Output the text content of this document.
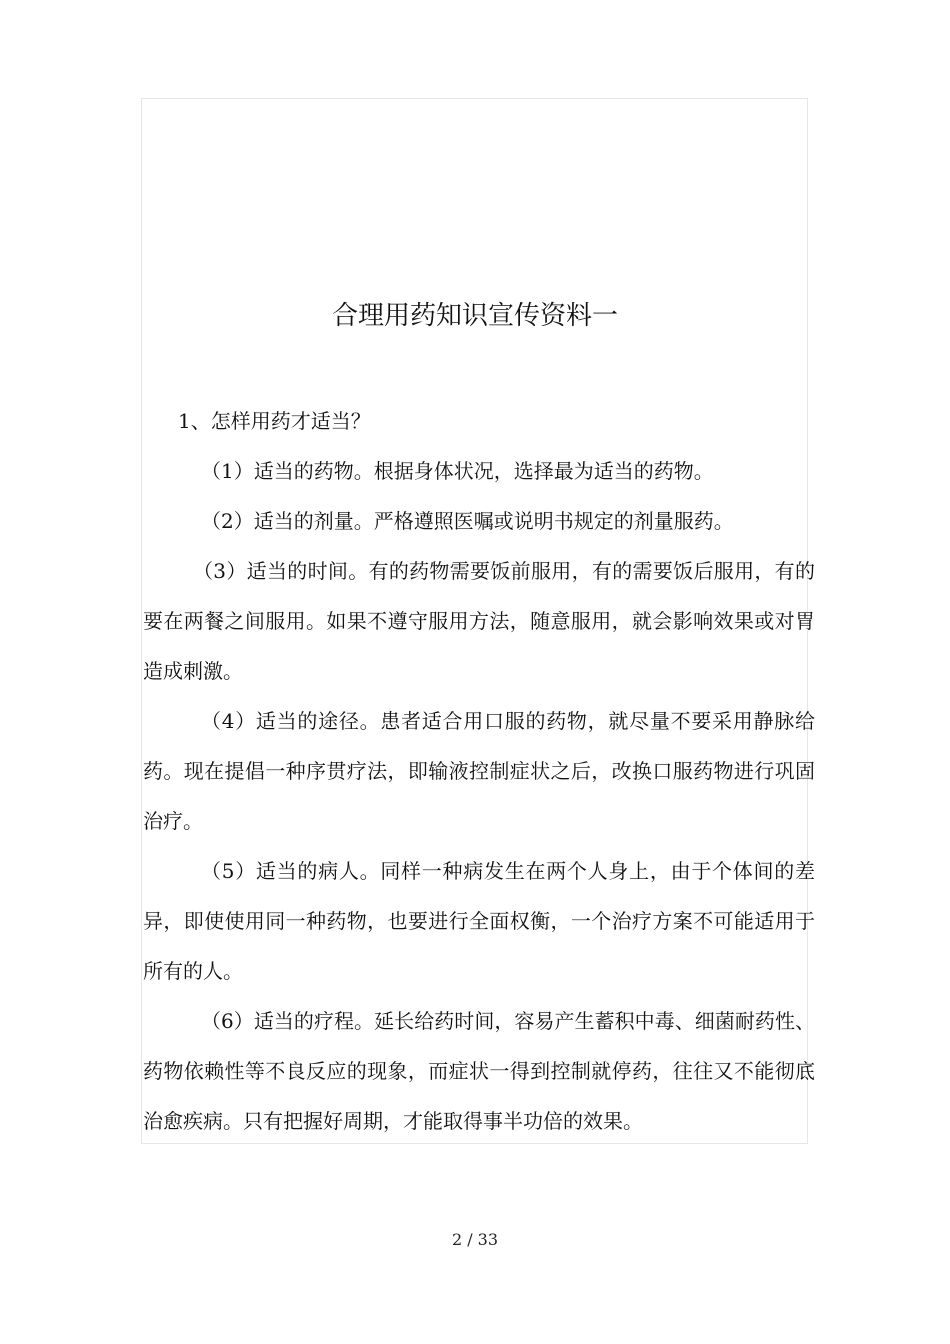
合理用药知识宣传资料一

1、怎样用药才适当？

（1）适当的药物。根据身体状况，选择最为适当的药物。

（2）适当的剂量。严格遵照医嘱或说明书规定的剂量服药。

（3）适当的时间。有的药物需要饭前服用，有的需要饭后服用，有的要在两餐之间服用。如果不遵守服用方法，随意服用，就会影响效果或对胃造成刺激。

（4）适当的途径。患者适合用口服的药物，就尽量不要采用静脉给药。现在提倡一种序贯疗法，即输液控制症状之后，改换口服药物进行巩固治疗。

（5）适当的病人。同样一种病发生在两个人身上，由于个体间的差异，即使使用同一种药物，也要进行全面权衡，一个治疗方案不可能适用于所有的人。

（6）适当的疗程。延长给药时间，容易产生蓄积中毒、细菌耐药性、药物依赖性等不良反应的现象，而症状一得到控制就停药，往往又不能彻底治愈疾病。只有把握好周期，才能取得事半功倍的效果。

2 / 33
